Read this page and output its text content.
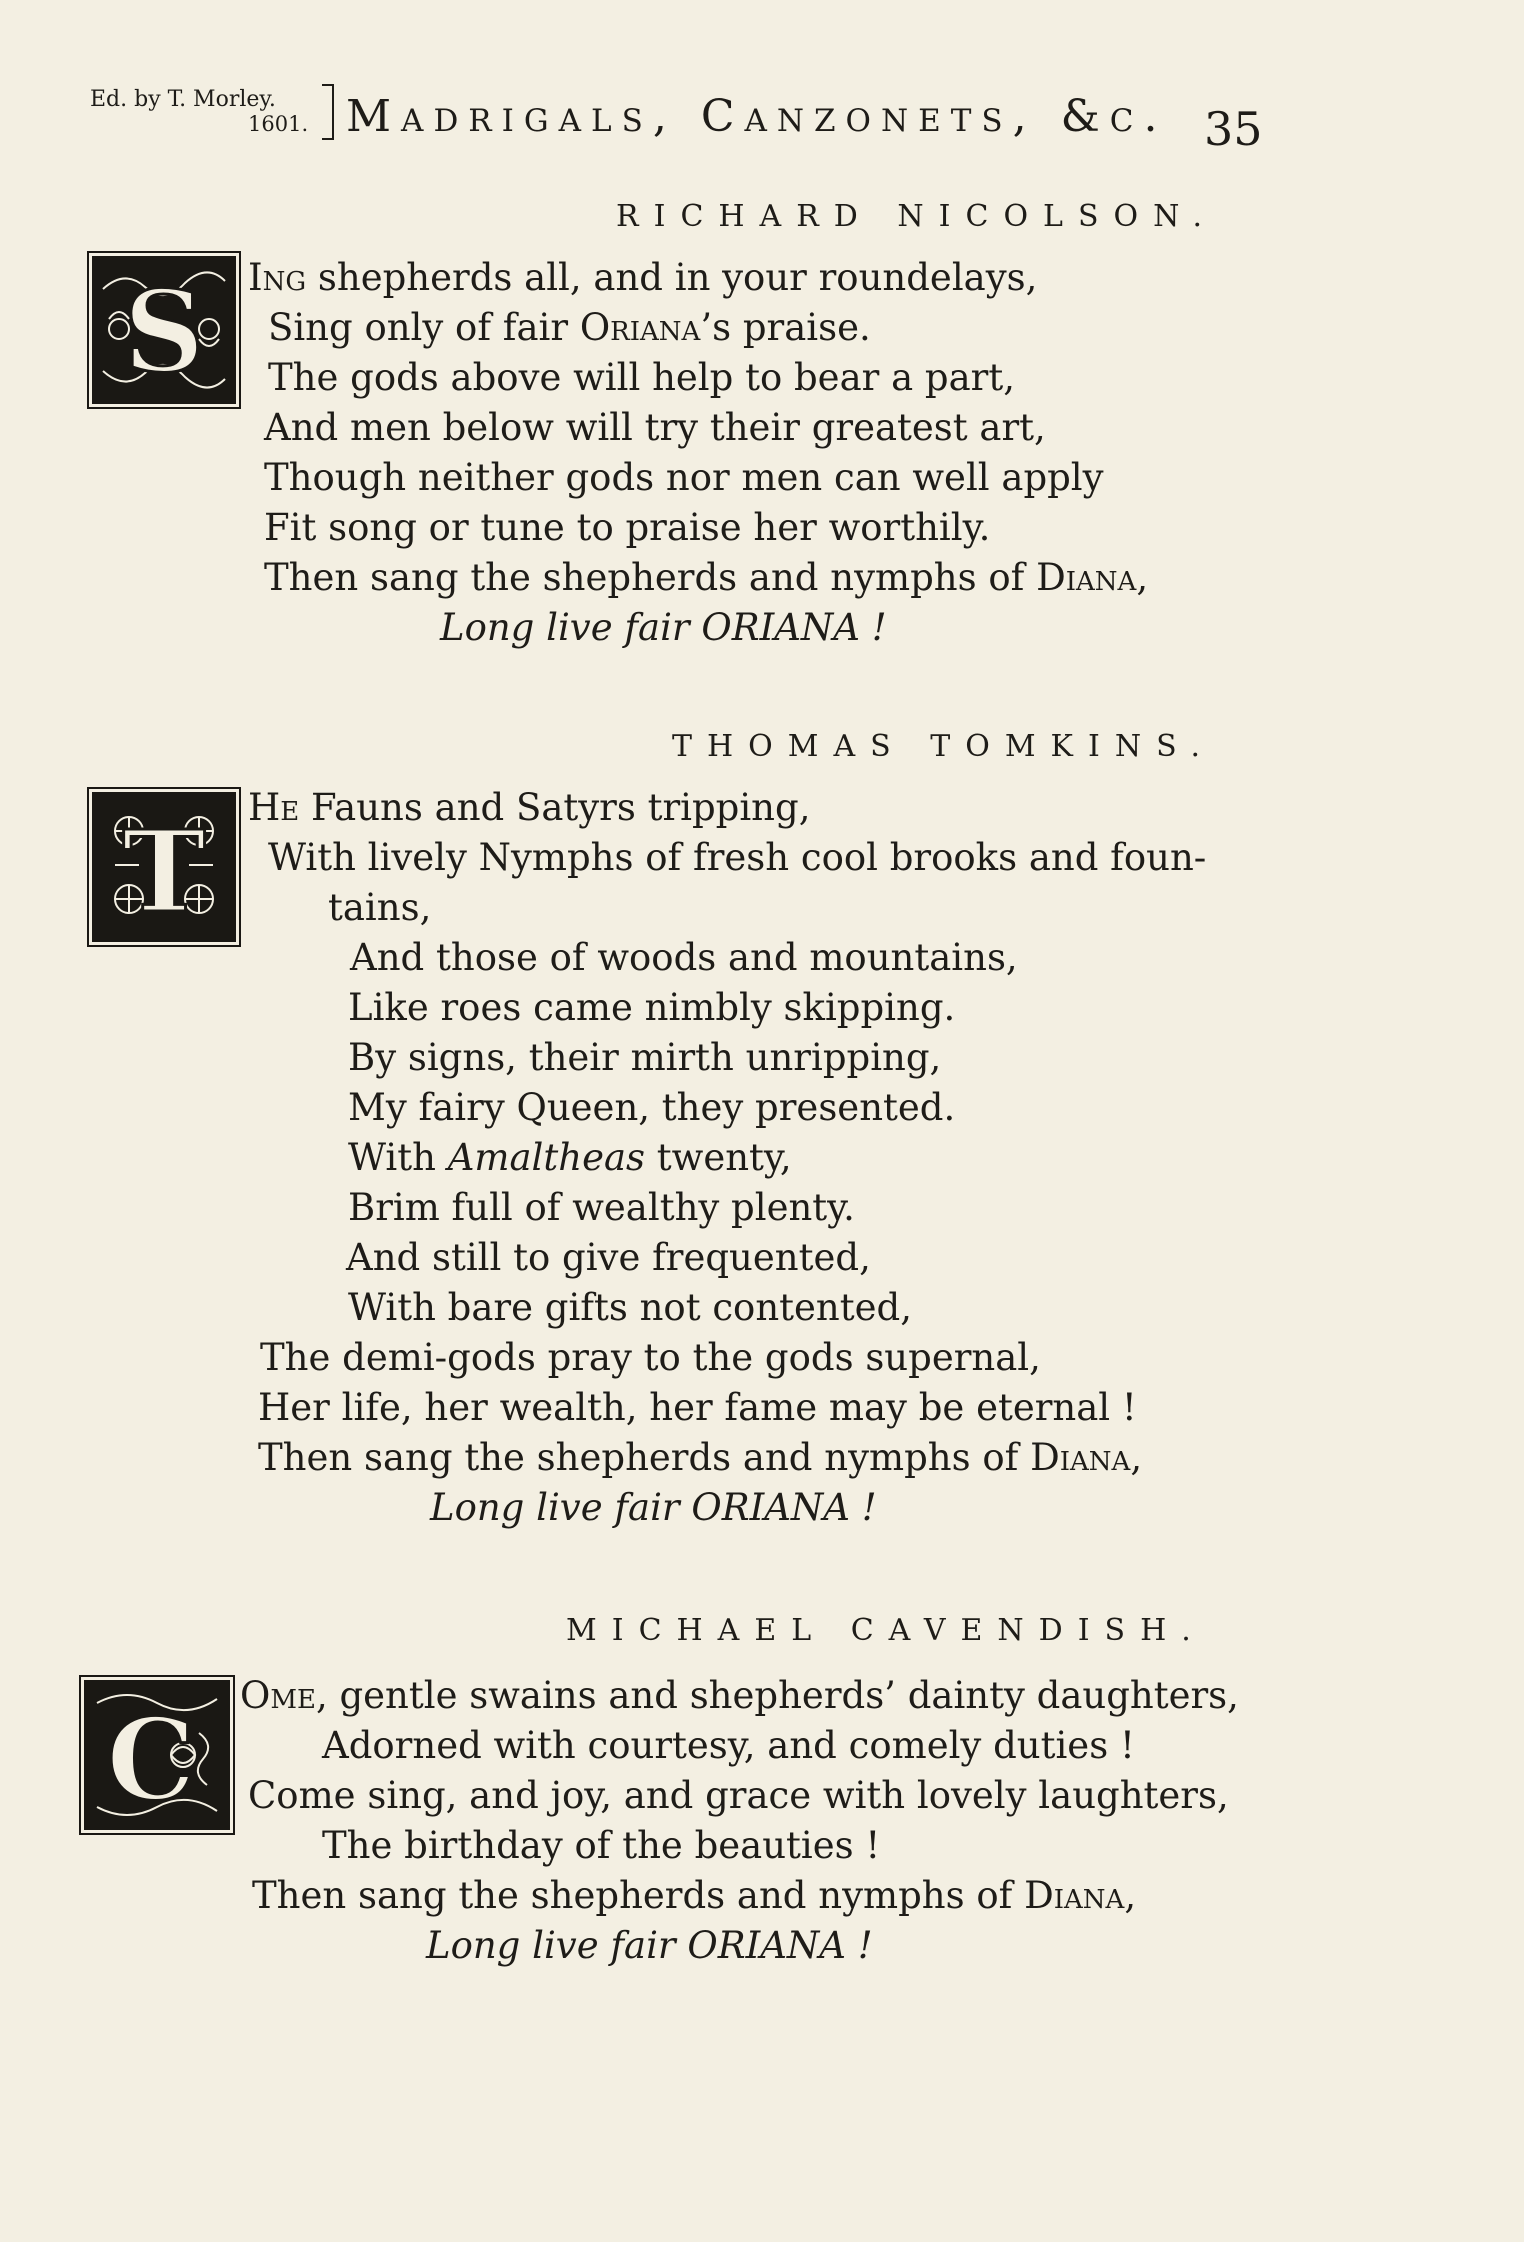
Ed. by T. Morley.
1601. Madrigals, Canzonets, &c. 35
RICHARD NICOLSON.
S Ing shepherds all, and in your roundelays,
Sing only of fair Oriana’s praise.
The gods above will help to bear a part,
And men below will try their greatest art,
Though neither gods nor men can well apply
Fit song or tune to praise her worthily.
Then sang the shepherds and nymphs of Diana,
Long live fair ORIANA !
THOMAS TOMKINS.
T He Fauns and Satyrs tripping,
With lively Nymphs of fresh cool brooks and foun-
tains,
And those of woods and mountains,
Like roes came nimbly skipping.
By signs, their mirth unripping,
My fairy Queen, they presented.
With Amaltheas twenty,
Brim full of wealthy plenty.
And still to give frequented,
With bare gifts not contented,
The demi-gods pray to the gods supernal,
Her life, her wealth, her fame may be eternal !
Then sang the shepherds and nymphs of Diana,
Long live fair ORIANA !
MICHAEL CAVENDISH.
C Ome, gentle swains and shepherds’ dainty daughters,
Adorned with courtesy, and comely duties !
Come sing, and joy, and grace with lovely laughters,
The birthday of the beauties !
Then sang the shepherds and nymphs of Diana,
Long live fair ORIANA !
